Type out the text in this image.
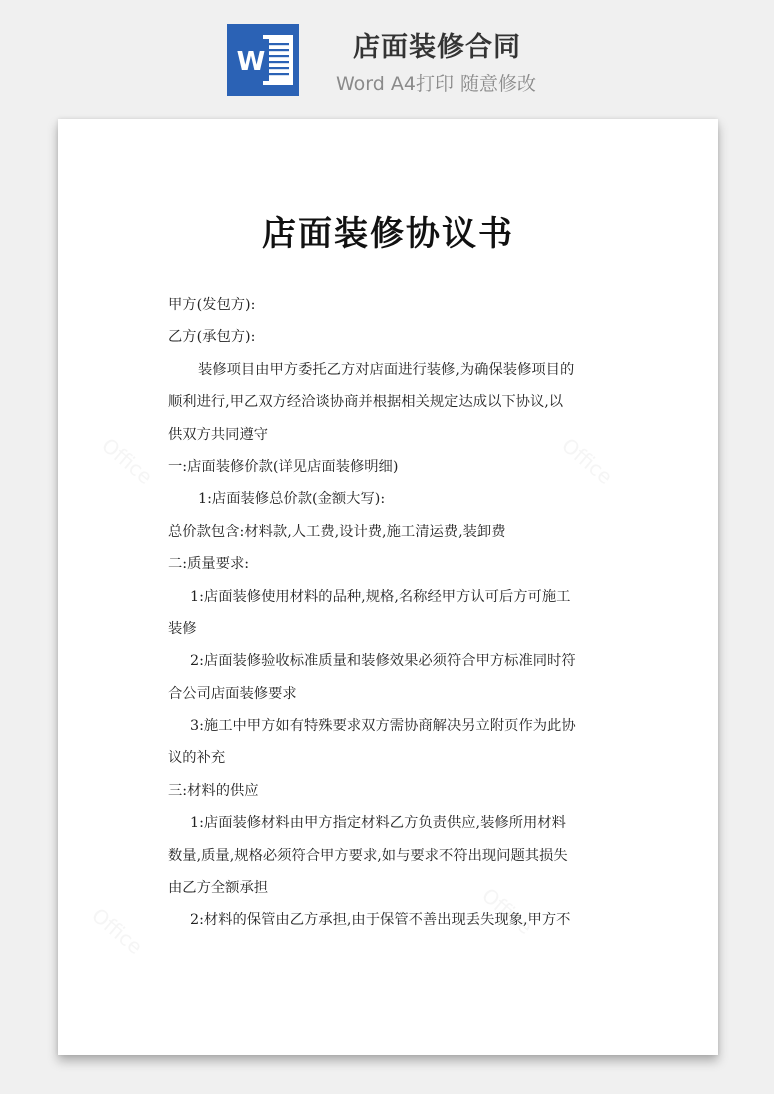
W	店面装修合同
Word A4打印 随意修改
Office	Office
Office	Office
店面装修协议书
甲方(发包方):
乙方(承包方):
装修项目由甲方委托乙方对店面进行装修,为确保装修项目的
顺利进行,甲乙双方经洽谈协商并根据相关规定达成以下协议,以
供双方共同遵守
一:店面装修价款(详见店面装修明细)
1:店面装修总价款(金额大写):
总价款包含:材料款,人工费,设计费,施工清运费,装卸费
二:质量要求:
1:店面装修使用材料的品种,规格,名称经甲方认可后方可施工
装修
2:店面装修验收标准质量和装修效果必须符合甲方标准同时符
合公司店面装修要求
3:施工中甲方如有特殊要求双方需协商解决另立附页作为此协
议的补充
三:材料的供应
1:店面装修材料由甲方指定材料乙方负责供应,装修所用材料
数量,质量,规格必须符合甲方要求,如与要求不符出现问题其损失
由乙方全额承担
2:材料的保管由乙方承担,由于保管不善出现丢失现象,甲方不
